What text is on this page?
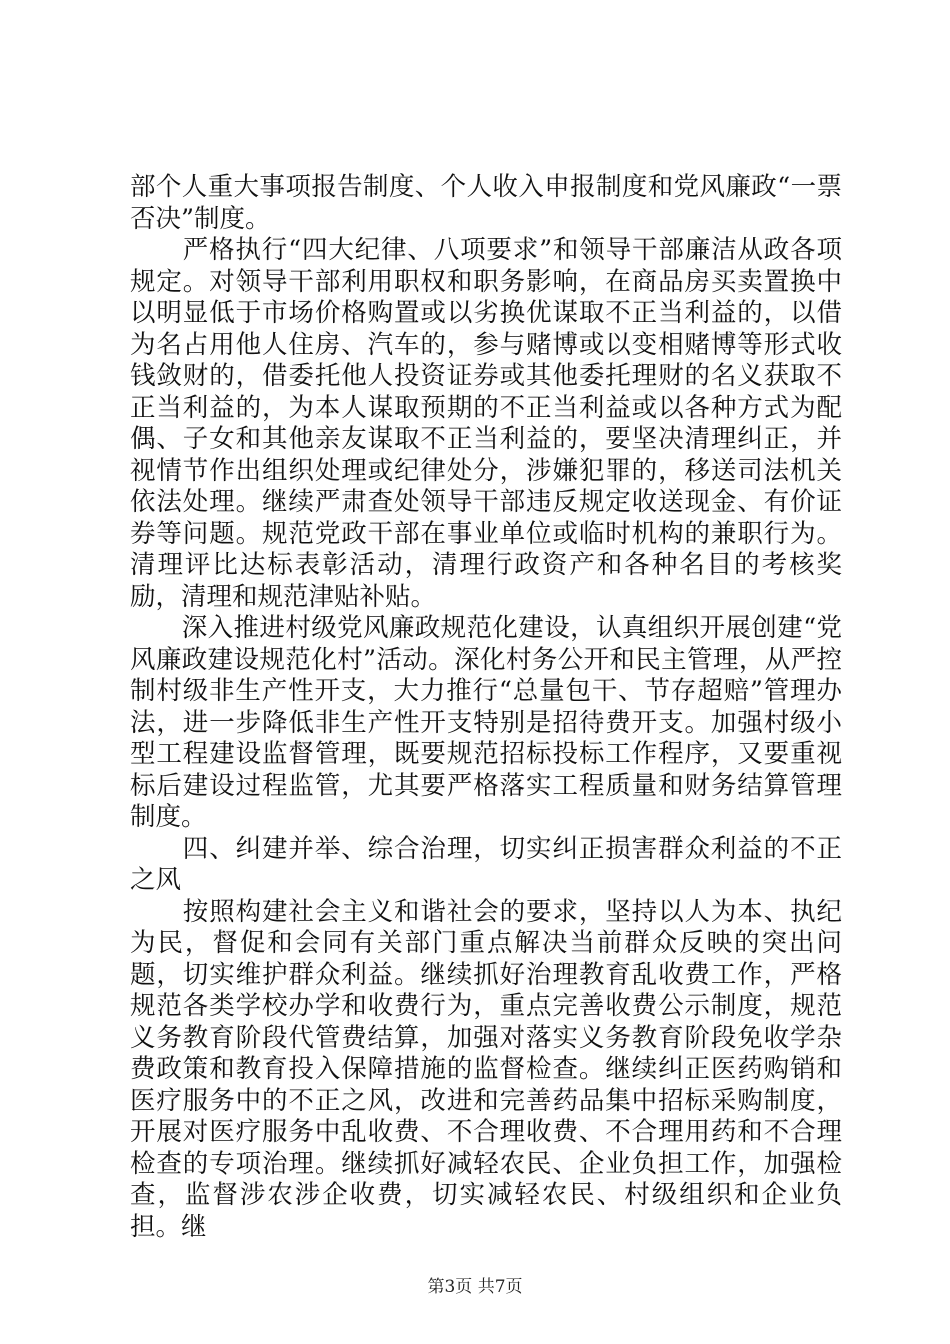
部个人重大事项报告制度、个人收入申报制度和党风廉政“一票否决”制度。

　　严格执行“四大纪律、八项要求”和领导干部廉洁从政各项规定。对领导干部利用职权和职务影响，在商品房买卖置换中以明显低于市场价格购置或以劣换优谋取不正当利益的，以借为名占用他人住房、汽车的，参与赌博或以变相赌博等形式收钱敛财的，借委托他人投资证券或其他委托理财的名义获取不正当利益的，为本人谋取预期的不正当利益或以各种方式为配偶、子女和其他亲友谋取不正当利益的，要坚决清理纠正，并视情节作出组织处理或纪律处分，涉嫌犯罪的，移送司法机关依法处理。继续严肃查处领导干部违反规定收送现金、有价证券等问题。规范党政干部在事业单位或临时机构的兼职行为。清理评比达标表彰活动，清理行政资产和各种名目的考核奖励，清理和规范津贴补贴。

　　深入推进村级党风廉政规范化建设，认真组织开展创建“党风廉政建设规范化村”活动。深化村务公开和民主管理，从严控制村级非生产性开支，大力推行“总量包干、节存超赔”管理办法，进一步降低非生产性开支特别是招待费开支。加强村级小型工程建设监督管理，既要规范招标投标工作程序，又要重视标后建设过程监管，尤其要严格落实工程质量和财务结算管理制度。

　　四、纠建并举、综合治理，切实纠正损害群众利益的不正之风

　　按照构建社会主义和谐社会的要求，坚持以人为本、执纪为民，督促和会同有关部门重点解决当前群众反映的突出问题，切实维护群众利益。继续抓好治理教育乱收费工作，严格规范各类学校办学和收费行为，重点完善收费公示制度，规范义务教育阶段代管费结算，加强对落实义务教育阶段免收学杂费政策和教育投入保障措施的监督检查。继续纠正医药购销和医疗服务中的不正之风，改进和完善药品集中招标采购制度，开展对医疗服务中乱收费、不合理收费、不合理用药和不合理检查的专项治理。继续抓好减轻农民、企业负担工作，加强检查，监督涉农涉企收费，切实减轻农民、村级组织和企业负担。继

第3页 共7页
